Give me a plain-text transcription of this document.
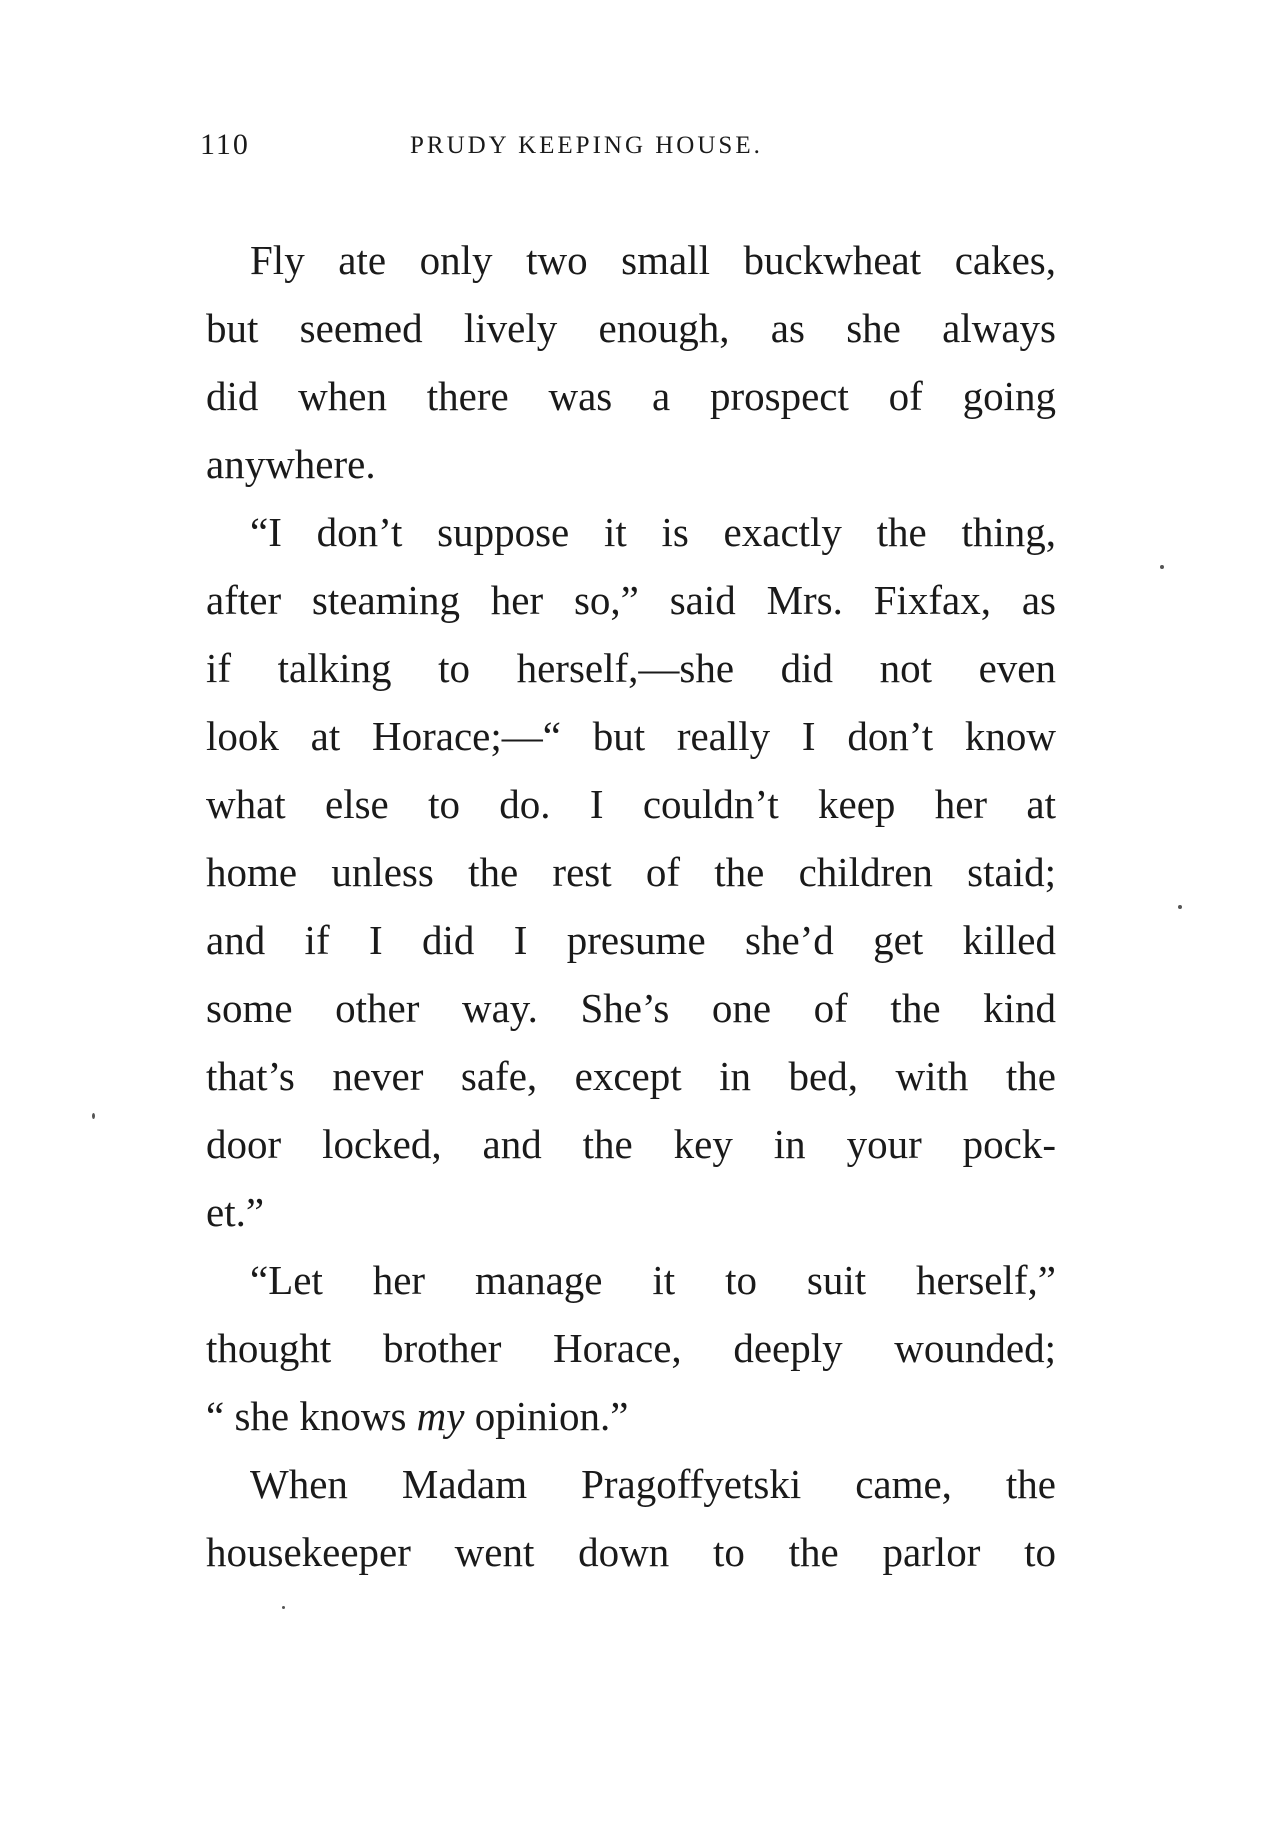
110	PRUDY KEEPING HOUSE.

Fly ate only two small buckwheat cakes,
but seemed lively enough, as she always
did when there was a prospect of going
anywhere.

“I don’t suppose it is exactly the thing,
after steaming her so,” said Mrs. Fixfax, as
if talking to herself,—she did not even
look at Horace;—“ but really I don’t know
what else to do. I couldn’t keep her at
home unless the rest of the children staid;
and if I did I presume she’d get killed
some other way. She’s one of the kind
that’s never safe, except in bed, with the
door locked, and the key in your pock-
et.”

“Let her manage it to suit herself,”
thought brother Horace, deeply wounded;
“ she knows my opinion.”

When Madam Pragoffyetski came, the
housekeeper went down to the parlor to
